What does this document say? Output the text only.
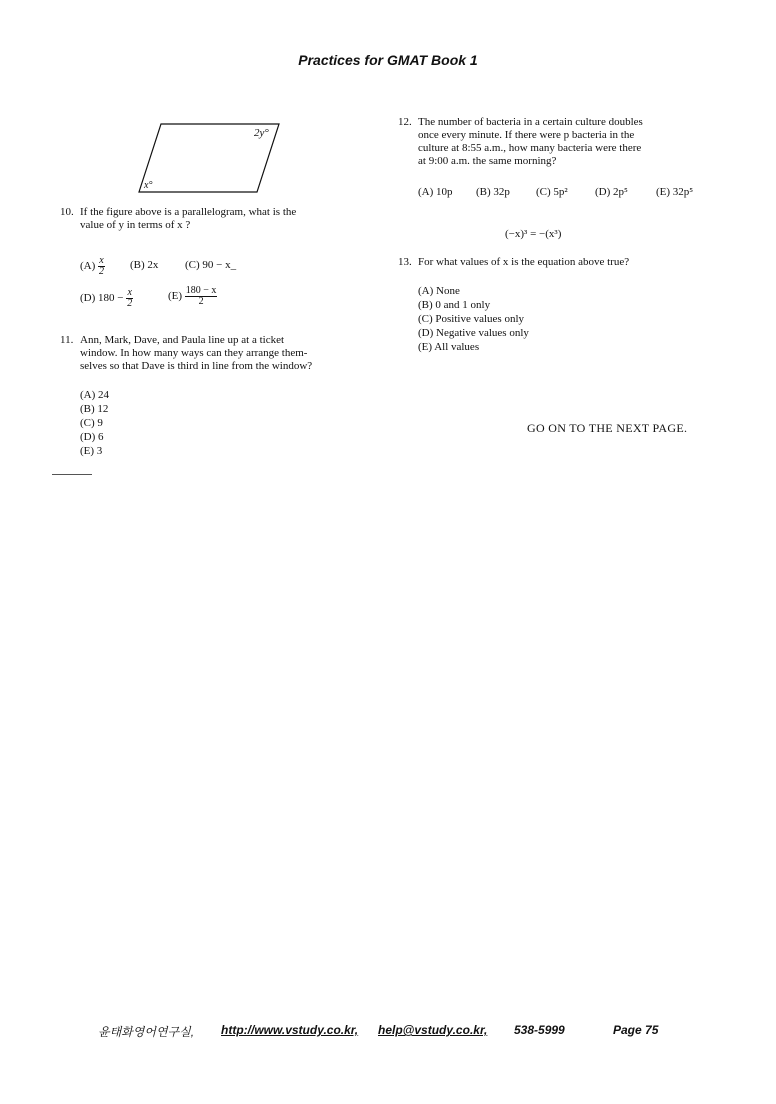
Practices for GMAT Book 1
2y°
x°
10. If the figure above is a parallelogram, what is the
value of y in terms of x ?
$(A) \frac{x}{2} (B)$ 2x (C) 90 − x_
(D) $180 - \frac{x}{2}$	$(E) \frac{180 - x}{2}$
11. Ann, Mark, Dave, and Paula line up at a ticket
window. In how many ways can they arrange them-
selves so that Dave is third in line from the window?
(A) 24
(B) 12
(C) 9
(D) 6
(E) 3
12. The number of bacteria in a certain culture doubles
once every minute. If there were p bacteria in the
culture at 8:55 a.m., how many bacteria were there
at 9:00 a.m. the same morning?
(A) 10p (B) 32p (C) 5p² (D) 2p⁵	(E) 32p⁵
(−x)³ = −(x³)
13. For what values of x is the equation above true?
(A) None
(B) 0 and 1 only
(C) Positive values only
(D) Negative values only
(E) All values
GO ON TO THE NEXT PAGE.
윤태화영어연구실, http://www.vstudy.co.kr, help@vstudy.co.kr, 538-5999	Page 75
